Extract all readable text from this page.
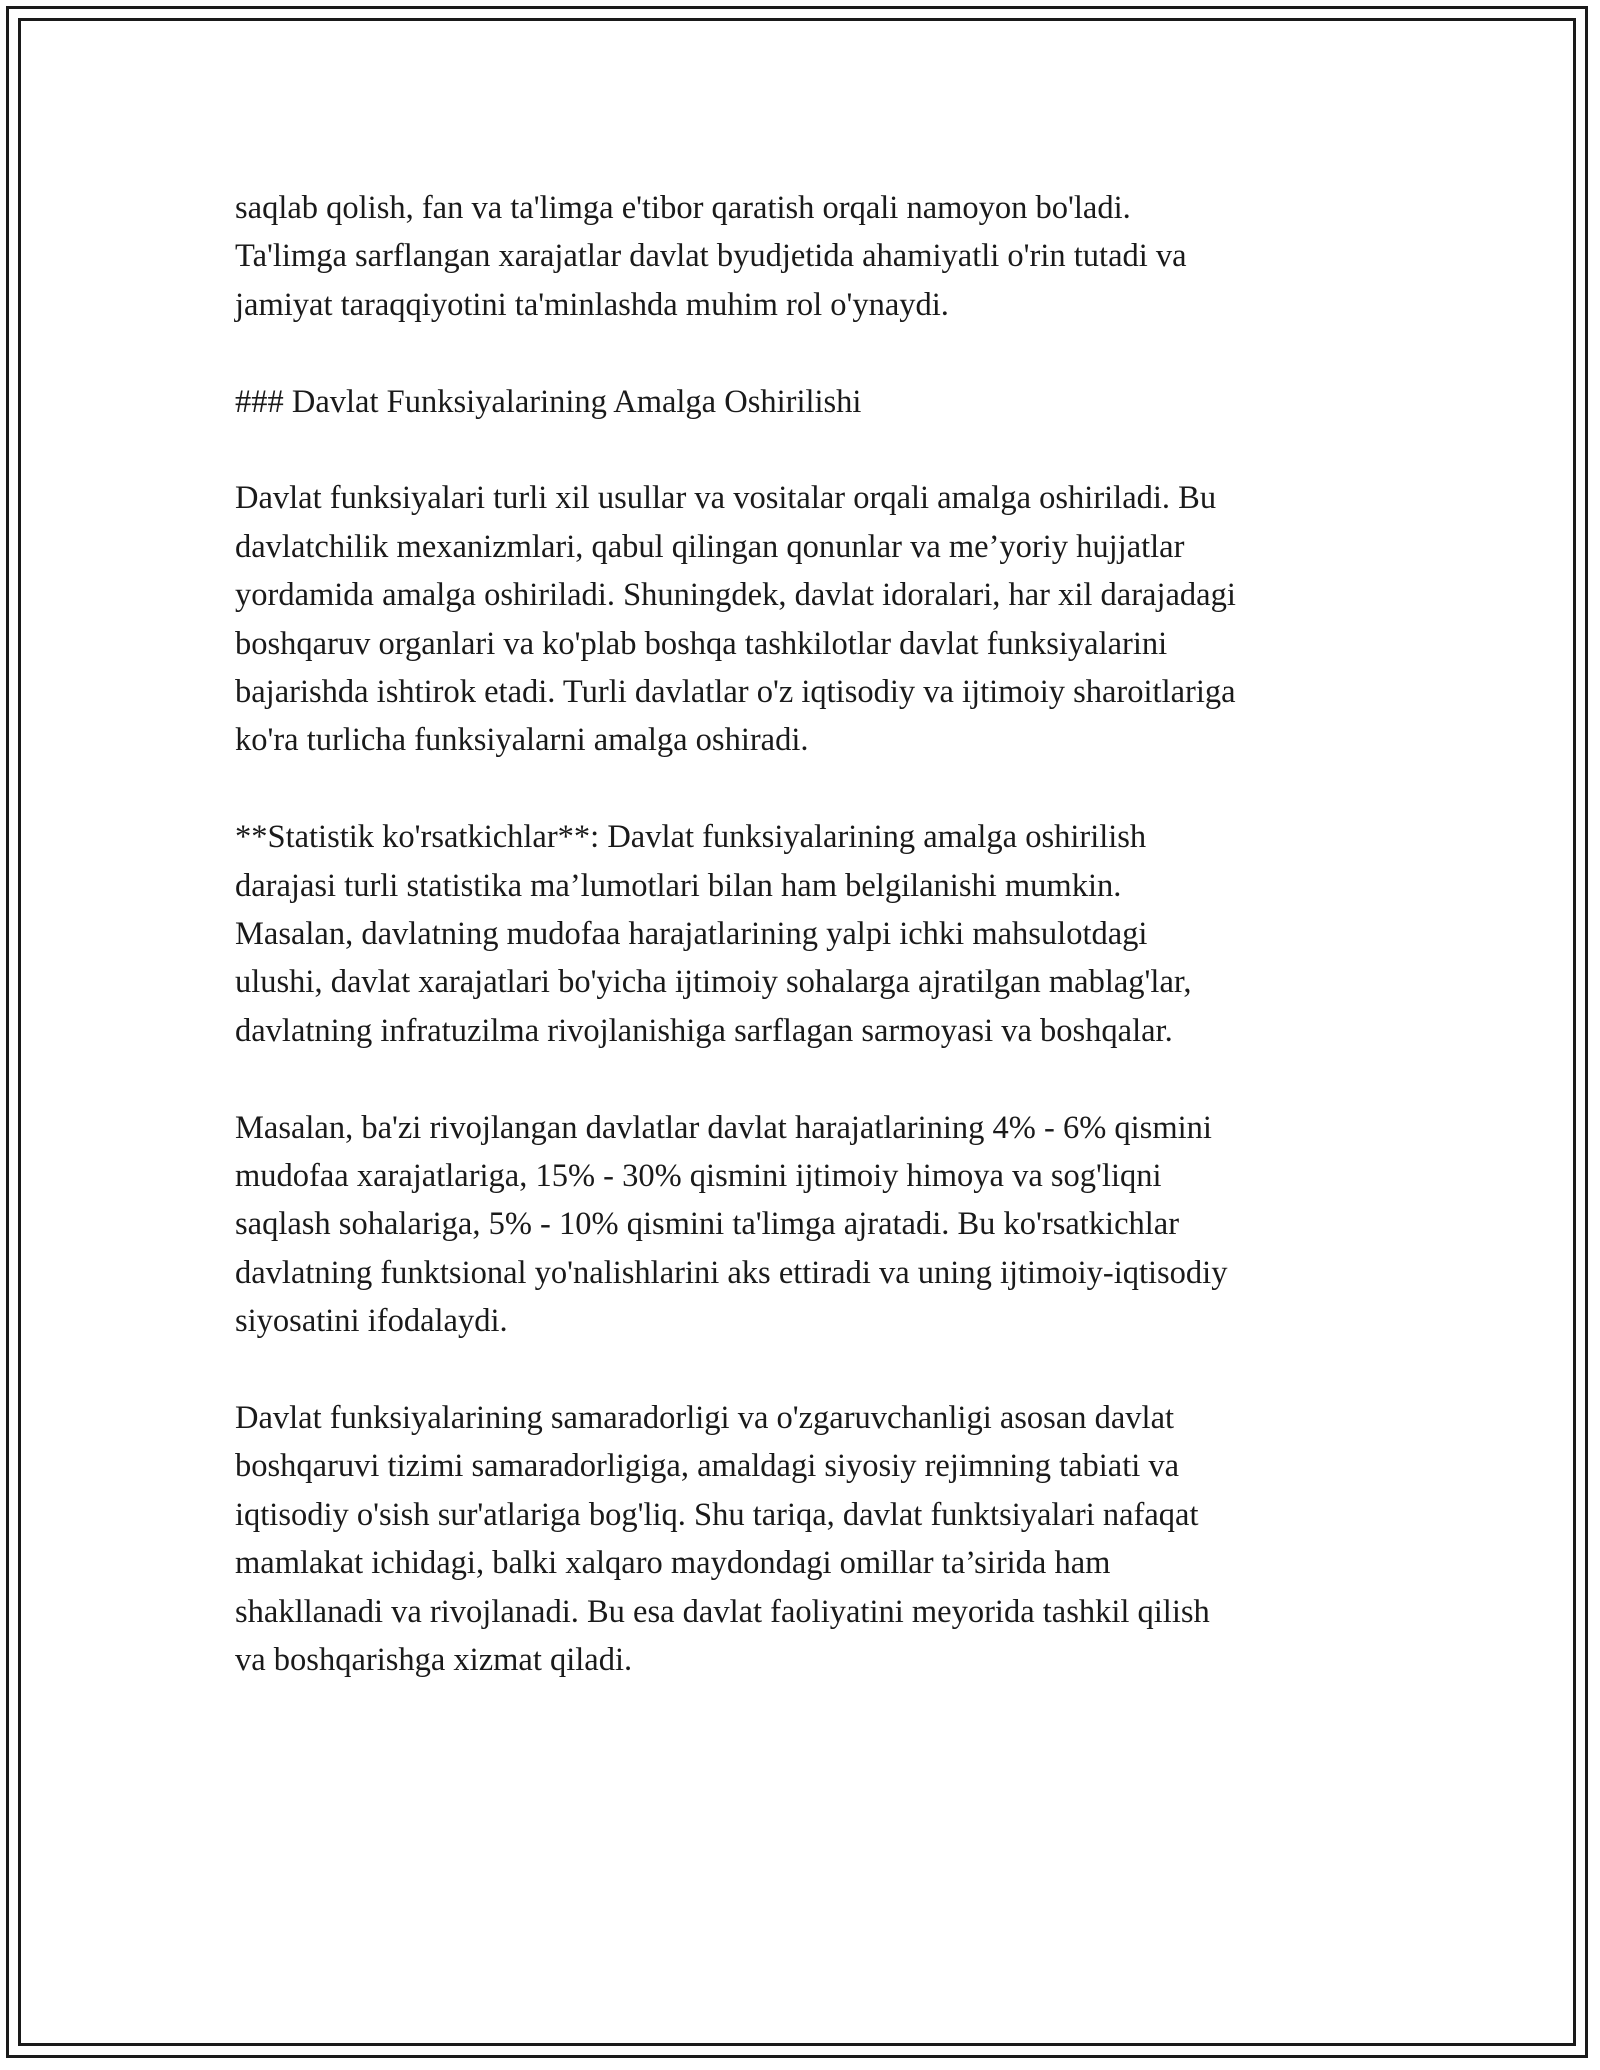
saqlab qolish, fan va ta'limga e'tibor qaratish orqali namoyon bo'ladi.
Ta'limga sarflangan xarajatlar davlat byudjetida ahamiyatli o'rin tutadi va
jamiyat taraqqiyotini ta'minlashda muhim rol o'ynaydi.

### Davlat Funksiyalarining Amalga Oshirilishi

Davlat funksiyalari turli xil usullar va vositalar orqali amalga oshiriladi. Bu
davlatchilik mexanizmlari, qabul qilingan qonunlar va me’yoriy hujjatlar
yordamida amalga oshiriladi. Shuningdek, davlat idoralari, har xil darajadagi
boshqaruv organlari va ko'plab boshqa tashkilotlar davlat funksiyalarini
bajarishda ishtirok etadi. Turli davlatlar o'z iqtisodiy va ijtimoiy sharoitlariga
ko'ra turlicha funksiyalarni amalga oshiradi.

**Statistik ko'rsatkichlar**: Davlat funksiyalarining amalga oshirilish
darajasi turli statistika ma’lumotlari bilan ham belgilanishi mumkin.
Masalan, davlatning mudofaa harajatlarining yalpi ichki mahsulotdagi
ulushi, davlat xarajatlari bo'yicha ijtimoiy sohalarga ajratilgan mablag'lar,
davlatning infratuzilma rivojlanishiga sarflagan sarmoyasi va boshqalar.

Masalan, ba'zi rivojlangan davlatlar davlat harajatlarining 4% - 6% qismini
mudofaa xarajatlariga, 15% - 30% qismini ijtimoiy himoya va sog'liqni
saqlash sohalariga, 5% - 10% qismini ta'limga ajratadi. Bu ko'rsatkichlar
davlatning funktsional yo'nalishlarini aks ettiradi va uning ijtimoiy-iqtisodiy
siyosatini ifodalaydi.

Davlat funksiyalarining samaradorligi va o'zgaruvchanligi asosan davlat
boshqaruvi tizimi samaradorligiga, amaldagi siyosiy rejimning tabiati va
iqtisodiy o'sish sur'atlariga bog'liq. Shu tariqa, davlat funktsiyalari nafaqat
mamlakat ichidagi, balki xalqaro maydondagi omillar ta’sirida ham
shakllanadi va rivojlanadi. Bu esa davlat faoliyatini meyorida tashkil qilish
va boshqarishga xizmat qiladi.
